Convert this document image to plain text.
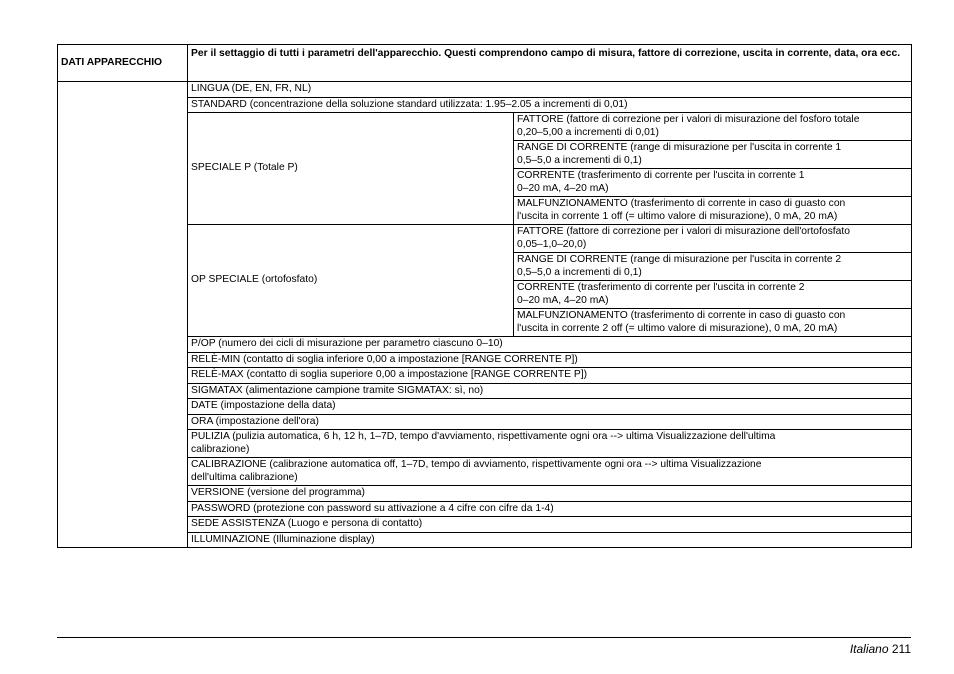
DATI APPARECCHIO	Per il settaggio di tutti i parametri dell'apparecchio. Questi comprendono campo di misura, fattore di correzione, uscita in corrente, data, ora ecc.	
	LINGUA (DE, EN, FR, NL)	
	STANDARD (concentrazione della soluzione standard utilizzata: 1.95–2.05 a incrementi di 0,01)	
	SPECIALE P (Totale P)	FATTORE (fattore di correzione per i valori di misurazione del fosforo totale
0,20–5,00 a incrementi di 0,01)
		RANGE DI CORRENTE (range di misurazione per l'uscita in corrente 1
0,5–5,0 a incrementi di 0,1)
		CORRENTE (trasferimento di corrente per l'uscita in corrente 1
0–20 mA, 4–20 mA)
		MALFUNZIONAMENTO (trasferimento di corrente in caso di guasto con
l'uscita in corrente 1 off (= ultimo valore di misurazione), 0 mA, 20 mA)
	OP SPECIALE (ortofosfato)	FATTORE (fattore di correzione per i valori di misurazione dell'ortofosfato
0,05–1,0–20,0)
		RANGE DI CORRENTE (range di misurazione per l'uscita in corrente 2
0,5–5,0 a incrementi di 0,1)
		CORRENTE (trasferimento di corrente per l'uscita in corrente 2
0–20 mA, 4–20 mA)
		MALFUNZIONAMENTO (trasferimento di corrente in caso di guasto con
l'uscita in corrente 2 off (= ultimo valore di misurazione), 0 mA, 20 mA)
	P/OP (numero dei cicli di misurazione per parametro ciascuno 0–10)	
	RELÈ-MIN (contatto di soglia inferiore 0,00 a impostazione [RANGE CORRENTE P])	
	RELÈ-MAX (contatto di soglia superiore 0,00 a impostazione [RANGE CORRENTE P])	
	SIGMATAX (alimentazione campione tramite SIGMATAX: sì, no)	
	DATE (impostazione della data)	
	ORA (impostazione dell'ora)	
	PULIZIA (pulizia automatica, 6 h, 12 h, 1–7D, tempo d'avviamento, rispettivamente ogni ora --> ultima Visualizzazione dell'ultima
calibrazione)	
	CALIBRAZIONE (calibrazione automatica off, 1–7D, tempo di avviamento, rispettivamente ogni ora --> ultima Visualizzazione
dell'ultima calibrazione)	
	VERSIONE (versione del programma)	
	PASSWORD (protezione con password su attivazione a 4 cifre con cifre da 1-4)	
	SEDE ASSISTENZA (Luogo e persona di contatto)	
	ILLUMINAZIONE (Illuminazione display)	
Italiano 211
